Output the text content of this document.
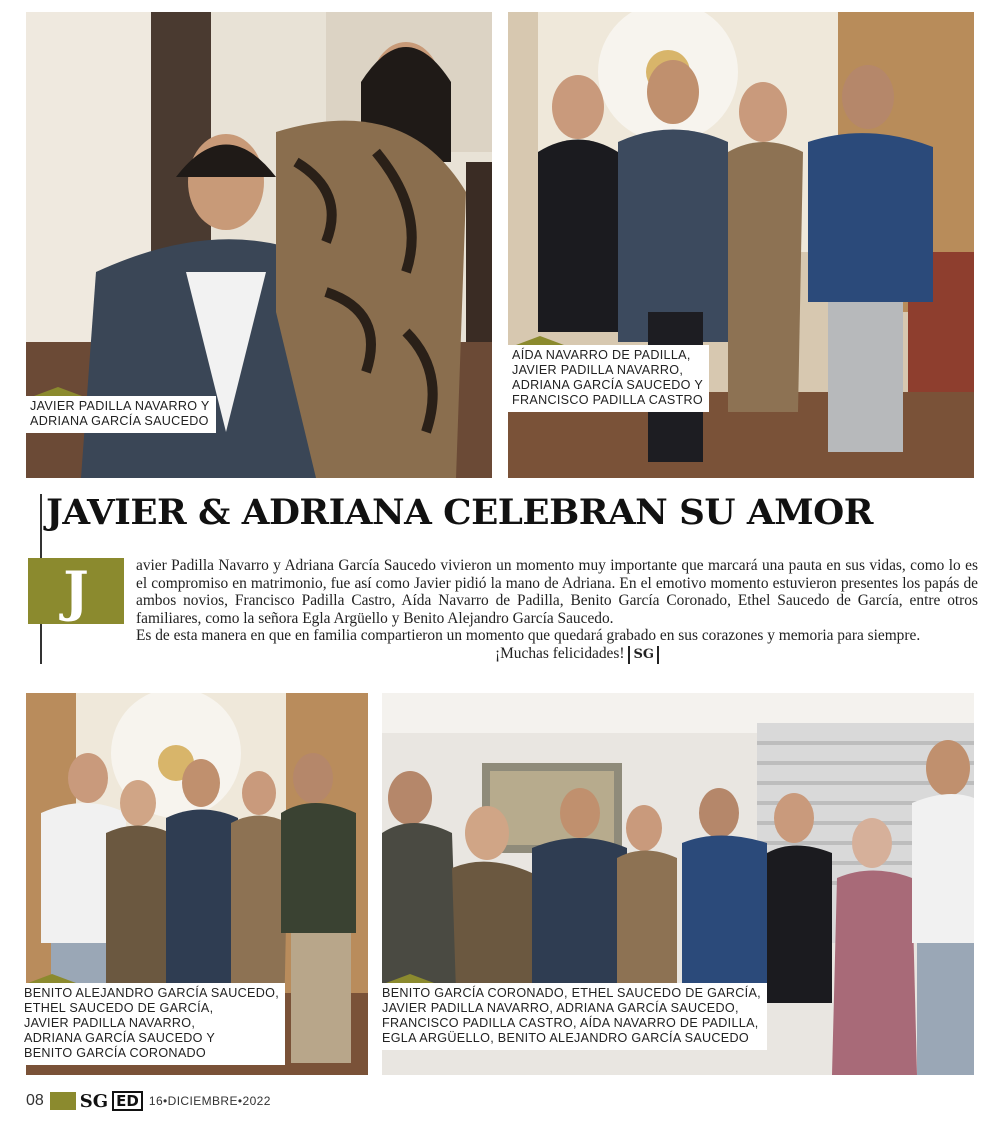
JAVIER PADILLA NAVARRO Y
ADRIANA GARCÍA SAUCEDO
AÍDA NAVARRO DE PADILLA,
JAVIER PADILLA NAVARRO,
ADRIANA GARCÍA SAUCEDO Y
FRANCISCO PADILLA CASTRO
JAVIER & ADRIANA CELEBRAN SU AMOR
J	avier Padilla Navarro y Adriana García Saucedo vivieron un momento muy importante que marcará una pauta en sus vidas, como lo es el compromiso en matrimonio, fue así como Javier pidió la mano de Adriana. En el emotivo momento estuvieron presentes los papás de ambos novios, Francisco Padilla Castro, Aída Navarro de Padilla, Benito García Coronado, Ethel Saucedo de García, entre otros familiares, como la señora Egla Argüello y Benito Alejandro García Saucedo.

Es de esta manera en que en familia compartieron un momento que quedará grabado en sus corazones y memoria para siempre.

¡Muchas felicidades! SG

BENITO ALEJANDRO GARCÍA SAUCEDO,
ETHEL SAUCEDO DE GARCÍA,
JAVIER PADILLA NAVARRO,
ADRIANA GARCÍA SAUCEDO Y
BENITO GARCÍA CORONADO
BENITO GARCÍA CORONADO, ETHEL SAUCEDO DE GARCÍA,
JAVIER PADILLA NAVARRO, ADRIANA GARCÍA SAUCEDO,
FRANCISCO PADILLA CASTRO, AÍDA NAVARRO DE PADILLA,
EGLA ARGÜELLO, BENITO ALEJANDRO GARCÍA SAUCEDO
08 SG ED 16•DICIEMBRE•2022
